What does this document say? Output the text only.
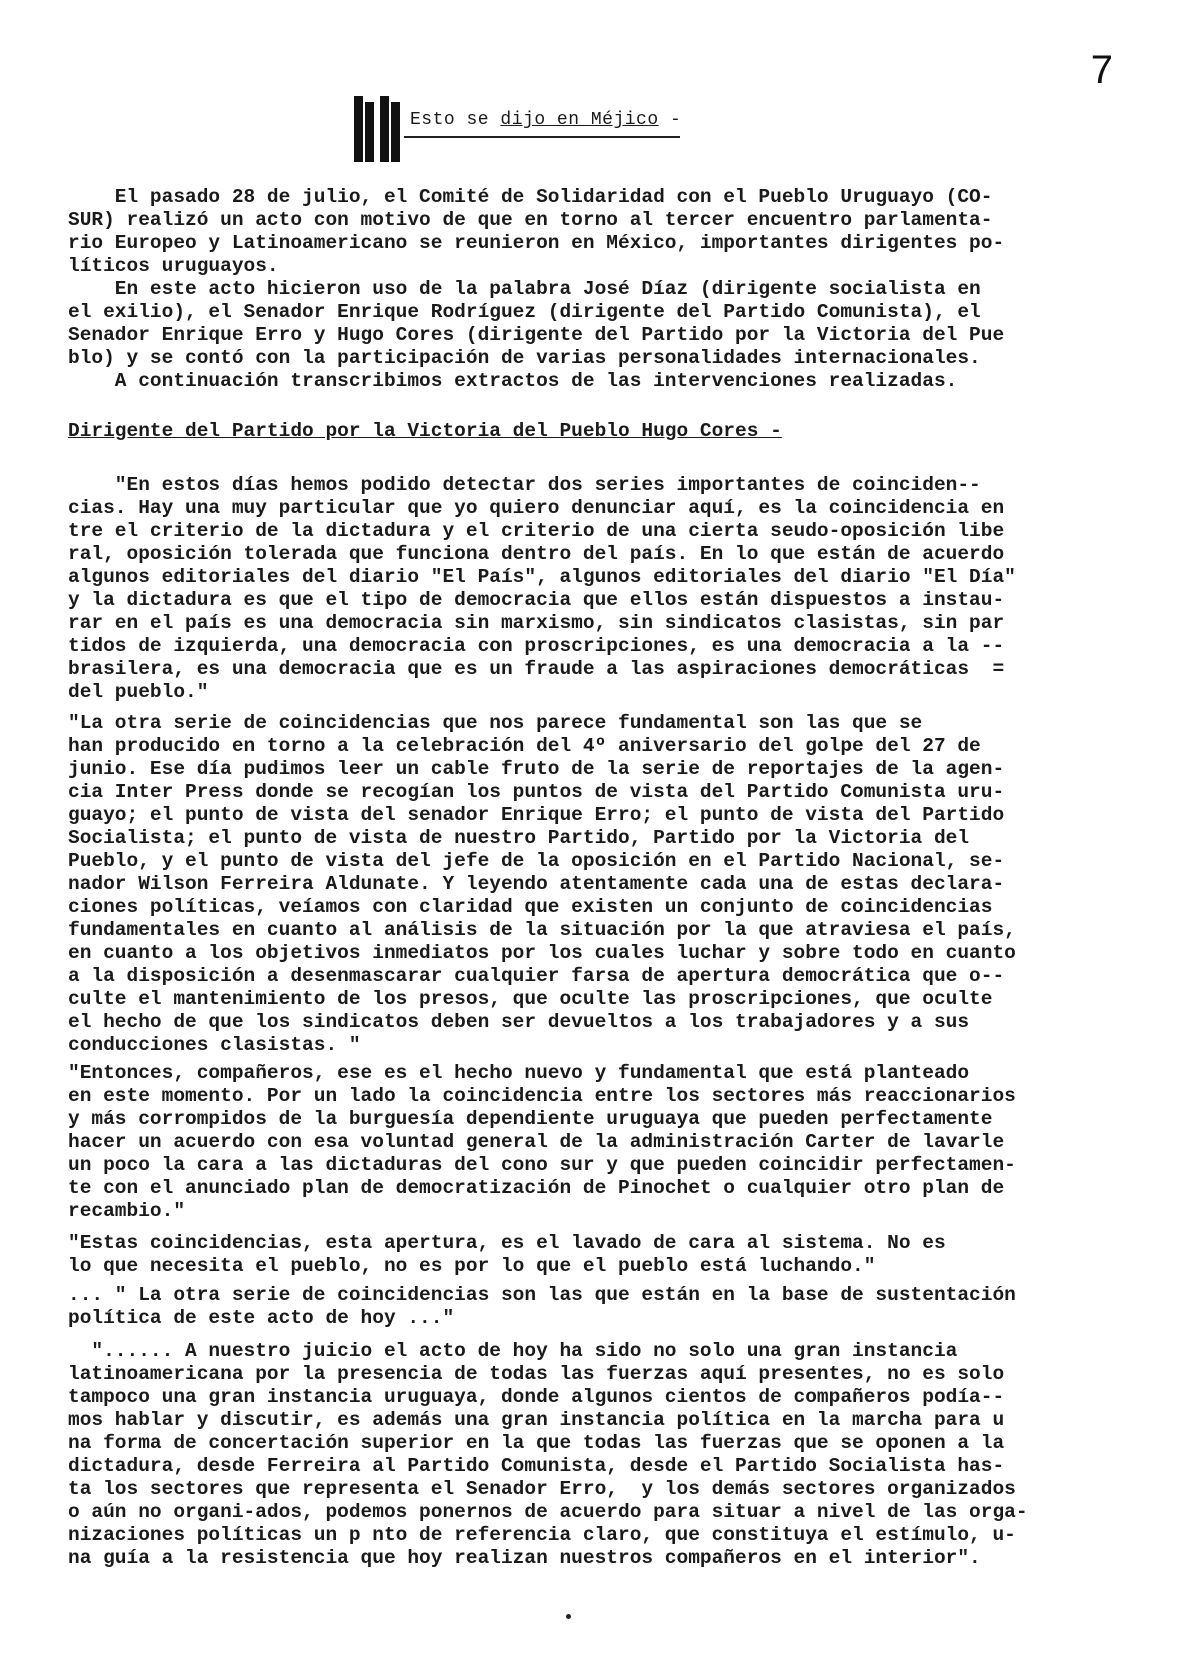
7
Esto se dijo en Méjico -
El pasado 28 de julio, el Comité de Solidaridad con el Pueblo Uruguayo (CO-
SUR) realizó un acto con motivo de que en torno al tercer encuentro parlamenta-
rio Europeo y Latinoamericano se reunieron en México, importantes dirigentes po-
líticos uruguayos.
En este acto hicieron uso de la palabra José Díaz (dirigente socialista en
el exilio), el Senador Enrique Rodríguez (dirigente del Partido Comunista), el
Senador Enrique Erro y Hugo Cores (dirigente del Partido por la Victoria del Pue
blo) y se contó con la participación de varias personalidades internacionales.
A continuación transcribimos extractos de las intervenciones realizadas.
Dirigente del Partido por la Victoria del Pueblo Hugo Cores -
"En estos días hemos podido detectar dos series importantes de coinciden--
cias. Hay una muy particular que yo quiero denunciar aquí, es la coincidencia en
tre el criterio de la dictadura y el criterio de una cierta seudo-oposición libe
ral, oposición tolerada que funciona dentro del país. En lo que están de acuerdo
algunos editoriales del diario "El País", algunos editoriales del diario "El Día"
y la dictadura es que el tipo de democracia que ellos están dispuestos a instau-
rar en el país es una democracia sin marxismo, sin sindicatos clasistas, sin par
tidos de izquierda, una democracia con proscripciones, es una democracia a la --
brasilera, es una democracia que es un fraude a las aspiraciones democráticas  =
del pueblo."
"La otra serie de coincidencias que nos parece fundamental son las que se
han producido en torno a la celebración del 4º aniversario del golpe del 27 de
junio. Ese día pudimos leer un cable fruto de la serie de reportajes de la agen-
cia Inter Press donde se recogían los puntos de vista del Partido Comunista uru-
guayo; el punto de vista del senador Enrique Erro; el punto de vista del Partido
Socialista; el punto de vista de nuestro Partido, Partido por la Victoria del
Pueblo, y el punto de vista del jefe de la oposición en el Partido Nacional, se-
nador Wilson Ferreira Aldunate. Y leyendo atentamente cada una de estas declara-
ciones políticas, veíamos con claridad que existen un conjunto de coincidencias
fundamentales en cuanto al análisis de la situación por la que atraviesa el país,
en cuanto a los objetivos inmediatos por los cuales luchar y sobre todo en cuanto
a la disposición a desenmascarar cualquier farsa de apertura democrática que o--
culte el mantenimiento de los presos, que oculte las proscripciones, que oculte
el hecho de que los sindicatos deben ser devueltos a los trabajadores y a sus
conducciones clasistas. "
"Entonces, compañeros, ese es el hecho nuevo y fundamental que está planteado
en este momento. Por un lado la coincidencia entre los sectores más reaccionarios
y más corrompidos de la burguesía dependiente uruguaya que pueden perfectamente
hacer un acuerdo con esa voluntad general de la administración Carter de lavarle
un poco la cara a las dictaduras del cono sur y que pueden coincidir perfectamen-
te con el anunciado plan de democratización de Pinochet o cualquier otro plan de
recambio."
"Estas coincidencias, esta apertura, es el lavado de cara al sistema. No es
lo que necesita el pueblo, no es por lo que el pueblo está luchando."
... " La otra serie de coincidencias son las que están en la base de sustentación
política de este acto de hoy ..."
"...... A nuestro juicio el acto de hoy ha sido no solo una gran instancia
latinoamericana por la presencia de todas las fuerzas aquí presentes, no es solo
tampoco una gran instancia uruguaya, donde algunos cientos de compañeros podía--
mos hablar y discutir, es además una gran instancia política en la marcha para u
na forma de concertación superior en la que todas las fuerzas que se oponen a la
dictadura, desde Ferreira al Partido Comunista, desde el Partido Socialista has-
ta los sectores que representa el Senador Erro,  y los demás sectores organizados
o aún no organi-ados, podemos ponernos de acuerdo para situar a nivel de las orga-
nizaciones políticas un p nto de referencia claro, que constituya el estímulo, u-
na guía a la resistencia que hoy realizan nuestros compañeros en el interior".
